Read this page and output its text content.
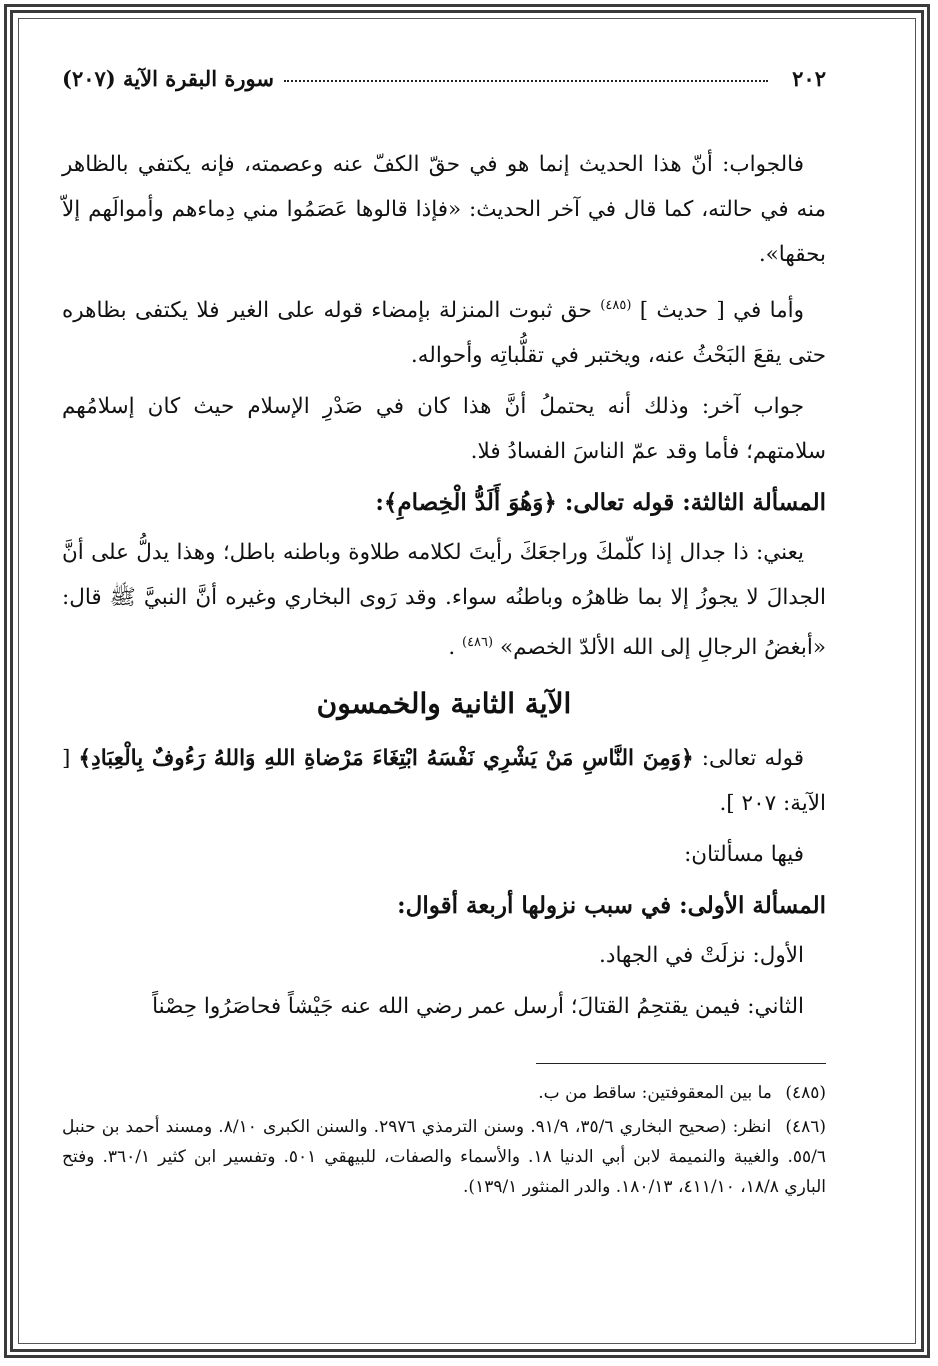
٢٠٢
سورة البقرة الآية (٢٠٧)

فالجواب: أنّ هذا الحديث إنما هو في حقّ الكفّ عنه وعصمته، فإنه يكتفي بالظاهر منه في حالته، كما قال في آخر الحديث: «فإذا قالوها عَصَمُوا مني دِماءهم وأموالَهم إلاّ بحقها».

وأما في [ حديث ] $^{(٤٨٥)}$ حق ثبوت المنزلة بإمضاء قوله على الغير فلا يكتفى بظاهره حتى يقعَ البَحْثُ عنه، ويختبر في تقلُّباتِه وأحواله.

جواب آخر: وذلك أنه يحتملُ أنَّ هذا كان في صَدْرِ الإسلام حيث كان إسلامُهم سلامتهم؛ فأما وقد عمّ الناسَ الفسادُ فلا.

المسألة الثالثة: قوله تعالى: ﴿وَهُوَ أَلَدُّ الْخِصامِ﴾:

يعني: ذا جدال إذا كلّمكَ وراجعَكَ رأيتَ لكلامه طلاوة وباطنه باطل؛ وهذا يدلُّ على أنَّ الجدالَ لا يجوزُ إلا بما ظاهرُه وباطنُه سواء. وقد رَوى البخاري وغيره أنَّ النبيَّ ﷺ قال: «أبغضُ الرجالِ إلى الله الألدّ الخصم» $^{(٤٨٦)}$ .

الآية الثانية والخمسون

قوله تعالى: ﴿وَمِنَ النَّاسِ مَنْ يَشْرِي نَفْسَهُ ابْتِغَاءَ مَرْضاةِ اللهِ وَاللهُ رَءُوفٌ بِالْعِبَادِ﴾ [ الآية: ٢٠٧ ].

فيها مسألتان:

المسألة الأولى: في سبب نزولها أربعة أقوال:

الأول: نزلَتْ في الجهاد.

الثاني: فيمن يقتحِمُ القتالَ؛ أرسل عمر رضي الله عنه جَيْشاً فحاصَرُوا حِصْناً

(٤٨٥) ما بين المعقوفتين: ساقط من ب.

(٤٨٦) انظر: (صحيح البخاري ٣٥/٦، ٩١/٩. وسنن الترمذي ٢٩٧٦. والسنن الكبرى ٨/١٠. ومسند أحمد بن حنبل ٥٥/٦. والغيبة والنميمة لابن أبي الدنيا ١٨. والأسماء والصفات، للبيهقي ٥٠١. وتفسير ابن كثير ٣٦٠/١. وفتح الباري ١٨/٨، ٤١١/١٠، ١٨٠/١٣. والدر المنثور ١٣٩/١).
